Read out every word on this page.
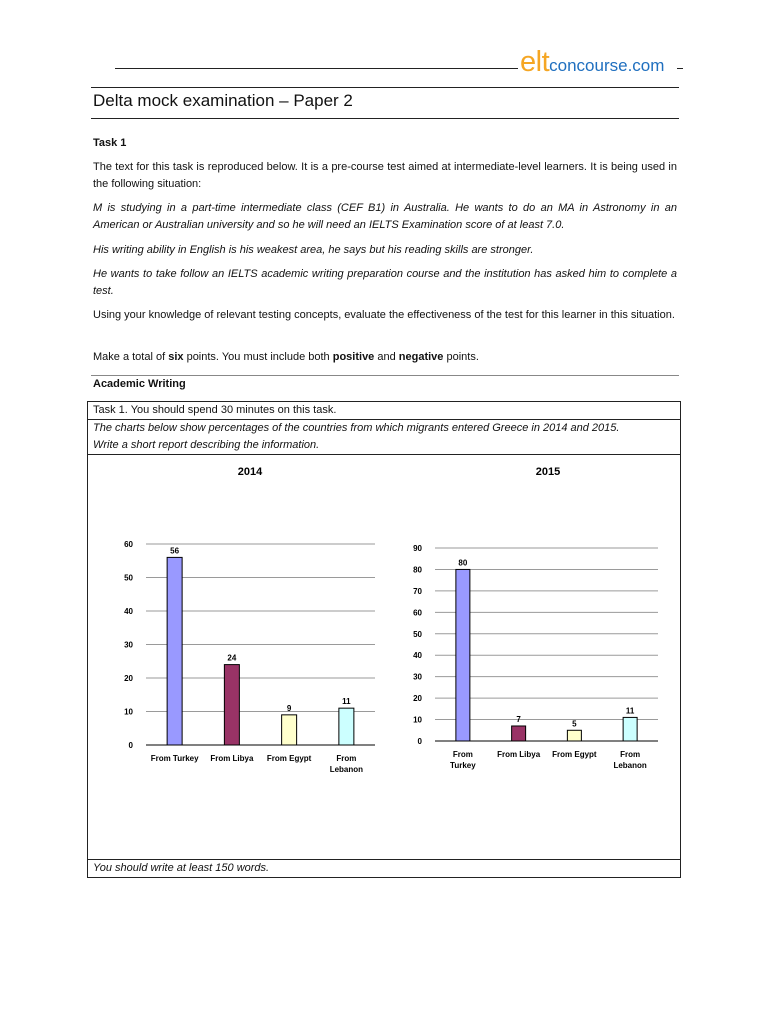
eltconcourse.com
Delta mock examination – Paper 2
Task 1
The text for this task is reproduced below. It is a pre-course test aimed at intermediate-level learners. It is being used in the following situation:
M is studying in a part-time intermediate class (CEF B1) in Australia. He wants to do an MA in Astronomy in an American or Australian university and so he will need an IELTS Examination score of at least 7.0.
His writing ability in English is his weakest area, he says but his reading skills are stronger.
He wants to take follow an IELTS academic writing preparation course and the institution has asked him to complete a test.
Using your knowledge of relevant testing concepts, evaluate the effectiveness of the test for this learner in this situation.
Make a total of six points. You must include both positive and negative points.
Academic Writing
Task 1. You should spend 30 minutes on this task.
The charts below show percentages of the countries from which migrants entered Greece in 2014 and 2015.
Write a short report describing the information.
2014
0
10
20
30
40
50
60
56
From Turkey
24
From Libya
9
From Egypt
11
From Lebanon
2015
0
10
20
30
40
50
60
70
80
90
80
From Turkey
7
From Libya
5
From Egypt
11
From Lebanon
You should write at least 150 words.
